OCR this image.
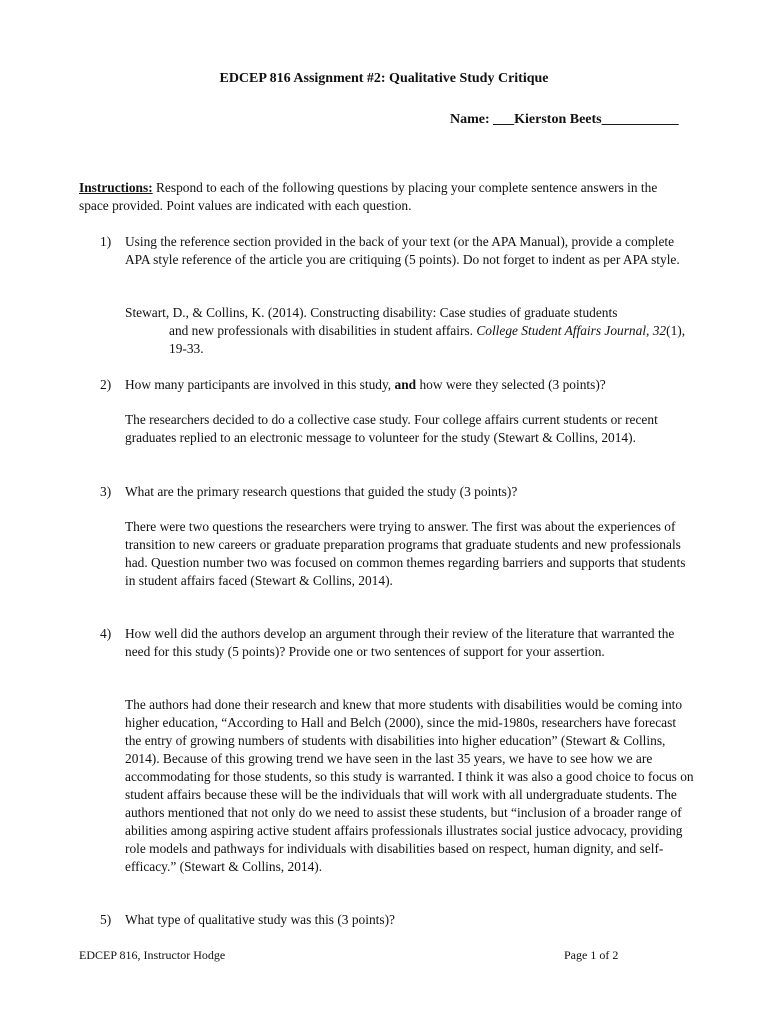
EDCEP 816 Assignment #2: Qualitative Study Critique
Name: ___Kierston Beets___________
Instructions: Respond to each of the following questions by placing your complete sentence answers in the space provided. Point values are indicated with each question.
1) Using the reference section provided in the back of your text (or the APA Manual), provide a complete APA style reference of the article you are critiquing (5 points). Do not forget to indent as per APA style.
Stewart, D., & Collins, K. (2014). Constructing disability: Case studies of graduate students
and new professionals with disabilities in student affairs. College Student Affairs Journal, 32(1), 19-33.
2) How many participants are involved in this study, and how were they selected (3 points)?
The researchers decided to do a collective case study. Four college affairs current students or recent graduates replied to an electronic message to volunteer for the study (Stewart & Collins, 2014).
3) What are the primary research questions that guided the study (3 points)?
There were two questions the researchers were trying to answer. The first was about the experiences of transition to new careers or graduate preparation programs that graduate students and new professionals had. Question number two was focused on common themes regarding barriers and supports that students in student affairs faced (Stewart & Collins, 2014).
4) How well did the authors develop an argument through their review of the literature that warranted the need for this study (5 points)? Provide one or two sentences of support for your assertion.
The authors had done their research and knew that more students with disabilities would be coming into higher education, “According to Hall and Belch (2000), since the mid-1980s, researchers have forecast the entry of growing numbers of students with disabilities into higher education” (Stewart & Collins, 2014). Because of this growing trend we have seen in the last 35 years, we have to see how we are accommodating for those students, so this study is warranted. I think it was also a good choice to focus on student affairs because these will be the individuals that will work with all undergraduate students. The authors mentioned that not only do we need to assist these students, but “inclusion of a broader range of abilities among aspiring active student affairs professionals illustrates social justice advocacy, providing role models and pathways for individuals with disabilities based on respect, human dignity, and self-efficacy.” (Stewart & Collins, 2014).
5) What type of qualitative study was this (3 points)?
EDCEP 816, Instructor Hodge	Page 1 of 2
